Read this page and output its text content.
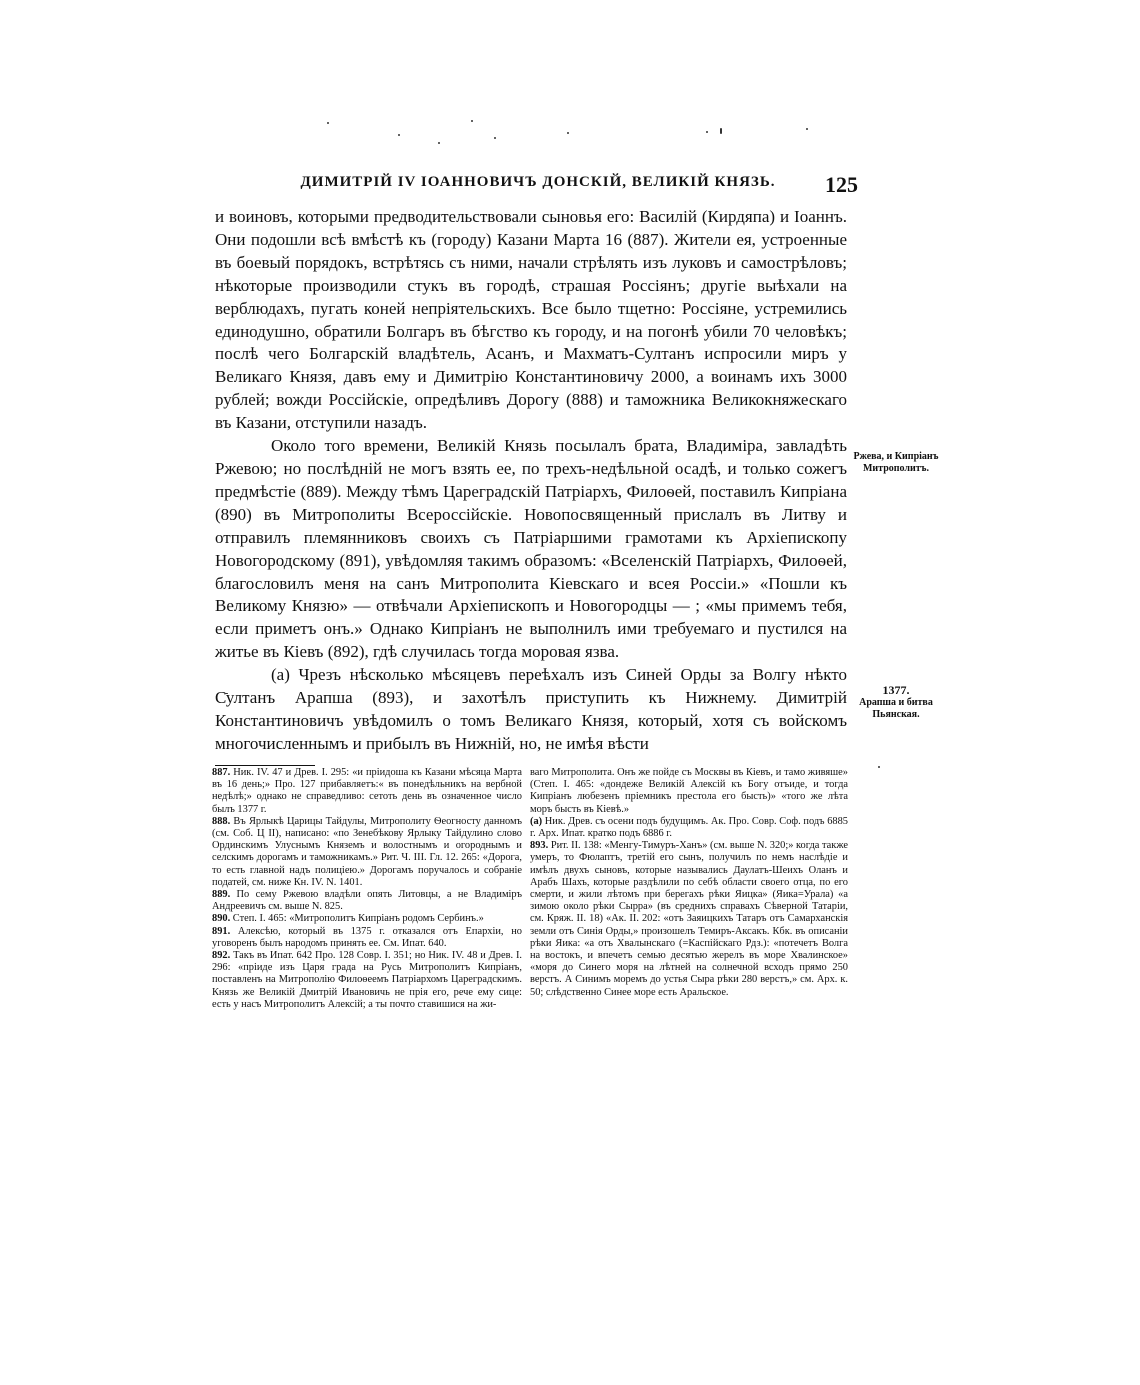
ДИМИТРІЙ IV ІОАННОВИЧЪ ДОНСКІЙ, ВЕЛИКІЙ КНЯЗЬ.	125

и воиновъ, которыми предводительствовали сыновья его: Василій (Кирдяпа) и Іоаннъ. Они подошли всѣ вмѣстѣ къ (городу) Казани Марта 16 (887). Жители ея, устроенные въ боевый порядокъ, встрѣтясь съ ними, начали стрѣлять изъ луковъ и самострѣловъ; нѣкоторые производили стукъ въ городѣ, страшая Россіянъ; другіе выѣхали на верблюдахъ, пугать коней непріятельскихъ. Все было тщетно: Россіяне, устремились единодушно, обратили Болгаръ въ бѣгство къ городу, и на погонѣ убили 70 человѣкъ; послѣ чего Болгарскій владѣтель, Асанъ, и Махматъ-Султанъ испросили миръ у Великаго Князя, давъ ему и Димитрію Константиновичу 2000, а воинамъ ихъ 3000 рублей; вожди Россійскіе, опредѣливъ Дорогу (888) и таможника Великокняжескаго въ Казани, отступили назадъ.

Около того времени, Великій Князь посылалъ брата, Владиміра, завладѣть Ржевою; но послѣдній не могъ взять ее, по трехъ-недѣльной осадѣ, и только сожегъ предмѣстіе (889). Между тѣмъ Цареградскій Патріархъ, Филоѳей, поставилъ Кипріана (890) въ Митрополиты Всероссійскіе. Новопосвященный прислалъ въ Литву и отправилъ племянниковъ своихъ съ Патріаршими грамотами къ Архіепископу Новогородскому (891), увѣдомляя такимъ образомъ: «Вселенскій Патріархъ, Филоѳей, благословилъ меня на санъ Митрополита Кіевскаго и всея Россіи.» «Пошли къ Великому Князю» — отвѣчали Архіепископъ и Новогородцы — ; «мы примемъ тебя, если приметъ онъ.» Однако Кипріанъ не выполнилъ ими требуемаго и пустился на житье въ Кіевъ (892), гдѣ случилась тогда моровая язва.

(а) Чрезъ нѣсколько мѣсяцевъ переѣхалъ изъ Синей Орды за Волгу нѣкто Султанъ Арапша (893), и захотѣлъ приступить къ Нижнему. Димитрій Константиновичъ увѣдомилъ о томъ Великаго Князя, который, хотя съ войскомъ многочисленнымъ и прибылъ въ Нижній, но, не имѣя вѣсти

Ржева, и Кипріанъ Митрополитъ.
1377.
Арапша и битва Пьянская.

887. Ник. IV. 47 и Древ. I. 295: «и пріидоша къ Казани мѣсяца Марта въ 16 день;» Про. 127 прибавляетъ:« въ понедѣльникъ на вербной недѣлѣ;» однако не справедливо: сетоть день въ означенное число былъ 1377 г.

888. Въ Ярлыкѣ Царицы Тайдулы, Митрополиту Ѳеогносту данномъ (см. Соб. Ц II), написано: «по Зенебѣкову Ярлыку Тайдулино слово Ординскимъ Улуснымъ Княземъ и волостнымъ и огороднымъ и селскимъ дорогамъ и таможникамъ.» Рит. Ч. III. Гл. 12. 265: «Дорога, то есть главной надъ полиціею.» Дорогамъ поручалось и собраніе податей, см. ниже Кн. IV. N. 1401.

889. По сему Ржевою владѣли опять Литовцы, а не Владиміръ Андреевичъ см. выше N. 825.

890. Степ. I. 465: «Митрополитъ Кипріанъ родомъ Сербинъ.»

891. Алексѣю, который въ 1375 г. отказался отъ Епархіи, но уговоренъ былъ народомъ принять ее. См. Ипат. 640.

892. Такъ въ Ипат. 642 Про. 128 Совр. I. 351; но Ник. IV. 48 и Древ. I. 296: «пріиде изъ Царя града на Русь Митрополитъ Кипріанъ, поставленъ на Митрополію Филоѳеемъ Патріархомъ Цареградскимъ. Князь же Великій Дмитрій Ивановичь не прія его, рече ему сице: есть у насъ Митрополитъ Алексій; а ты почто ставишися на жи-

ваго Митрополита. Онъ же пойде съ Москвы въ Кіевъ, и тамо живяше» (Степ. I. 465: «дондеже Великій Алексій къ Богу отъиде, и тогда Кипріанъ любезенъ пріемникъ престола его бысть)» «того же лѣта моръ бысть въ Кіевѣ.»

(а) Ник. Древ. съ осени подъ будущимъ. Ак. Про. Совр. Соф. подъ 6885 г. Арх. Ипат. кратко подъ 6886 г.

893. Рит. II. 138: «Менгу-Тимуръ-Ханъ» (см. выше N. 320;» когда также умеръ, то Фюлаптъ, третій его сынъ, получилъ по немъ наслѣдіе и имѣлъ двухъ сыновъ, которые назывались Даулатъ-Шеихъ Оланъ и Арабъ Шахъ, которые раздѣлили по себѣ области своего отца, по его смерти, и жили лѣтомъ при берегахъ рѣки Яицка» (Яика=Урала) «а зимою около рѣки Сырра» (въ среднихъ справахъ Сѣверной Татаріи, см. Кряж. II. 18) «Ак. II. 202: «отъ Заяицкихъ Татаръ отъ Самарханскія земли отъ Синія Орды,» произошелъ Темиръ-Аксакъ. Кбк. въ описаніи рѣки Яика: «а отъ Хвалынскаго (=Каспійскаго Рдз.): «потечетъ Волга на востокъ, и впечетъ семью десятью жерелъ въ море Хвалинское» «моря до Синего моря на лѣтней на солнечной всходъ прямо 250 верстъ. А Синимъ моремъ до устья Сыра рѣки 280 верстъ,» см. Арх. к. 50; слѣдственно Синее море есть Аральское.
